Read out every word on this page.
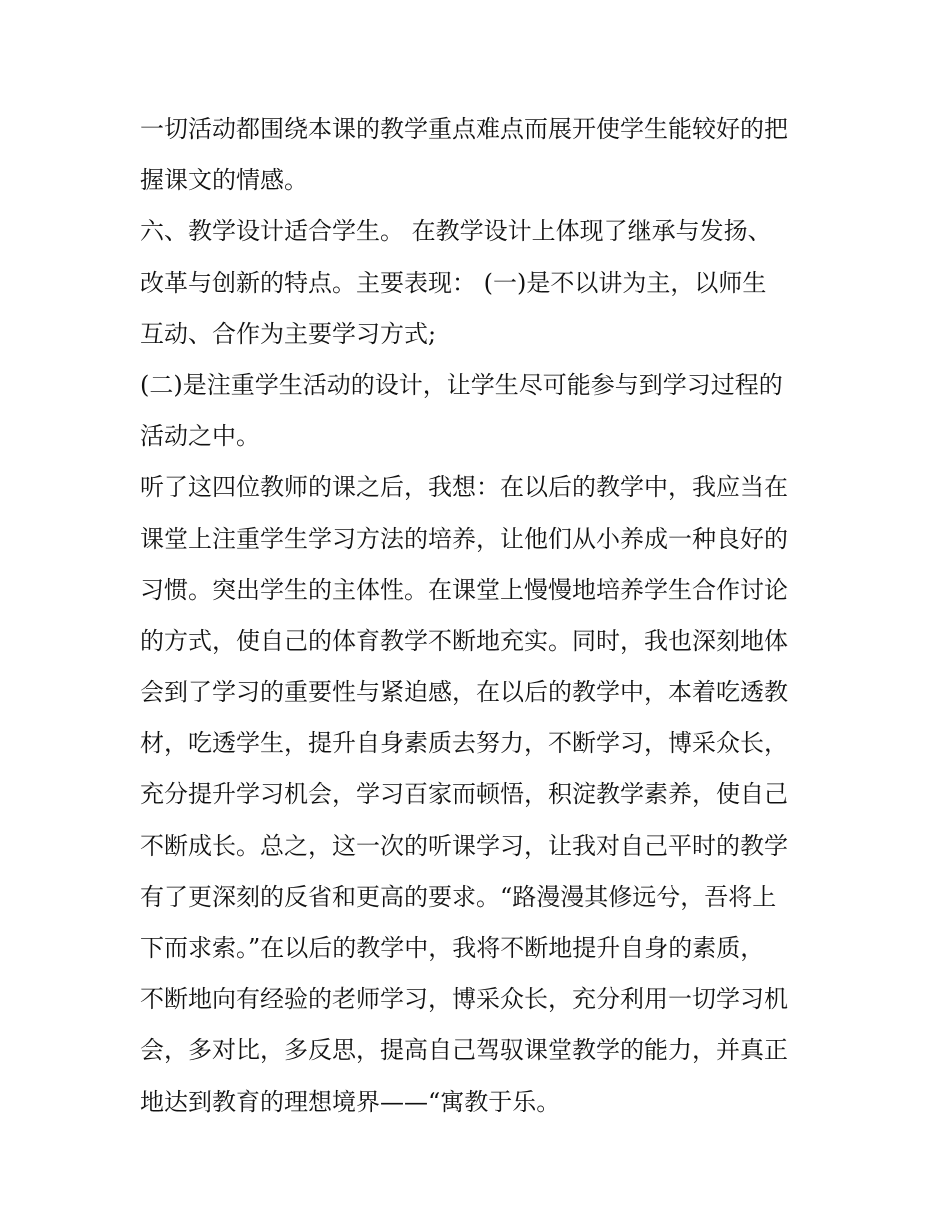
一切活动都围绕本课的教学重点难点而展开使学生能较好的把
握课文的情感。
六、教学设计适合学生。 在教学设计上体现了继承与发扬、
改革与创新的特点。主要表现： (一)是不以讲为主，以师生
互动、合作为主要学习方式;
(二)是注重学生活动的设计，让学生尽可能参与到学习过程的
活动之中。
听了这四位教师的课之后，我想：在以后的教学中，我应当在
课堂上注重学生学习方法的培养，让他们从小养成一种良好的
习惯。突出学生的主体性。在课堂上慢慢地培养学生合作讨论
的方式，使自己的体育教学不断地充实。同时，我也深刻地体
会到了学习的重要性与紧迫感，在以后的教学中，本着吃透教
材，吃透学生，提升自身素质去努力，不断学习，博采众长，
充分提升学习机会，学习百家而顿悟，积淀教学素养，使自己
不断成长。总之，这一次的听课学习，让我对自己平时的教学
有了更深刻的反省和更高的要求。“路漫漫其修远兮，吾将上
下而求索。”在以后的教学中，我将不断地提升自身的素质，
不断地向有经验的老师学习，博采众长，充分利用一切学习机
会，多对比，多反思，提高自己驾驭课堂教学的能力，并真正
地达到教育的理想境界——“寓教于乐。
